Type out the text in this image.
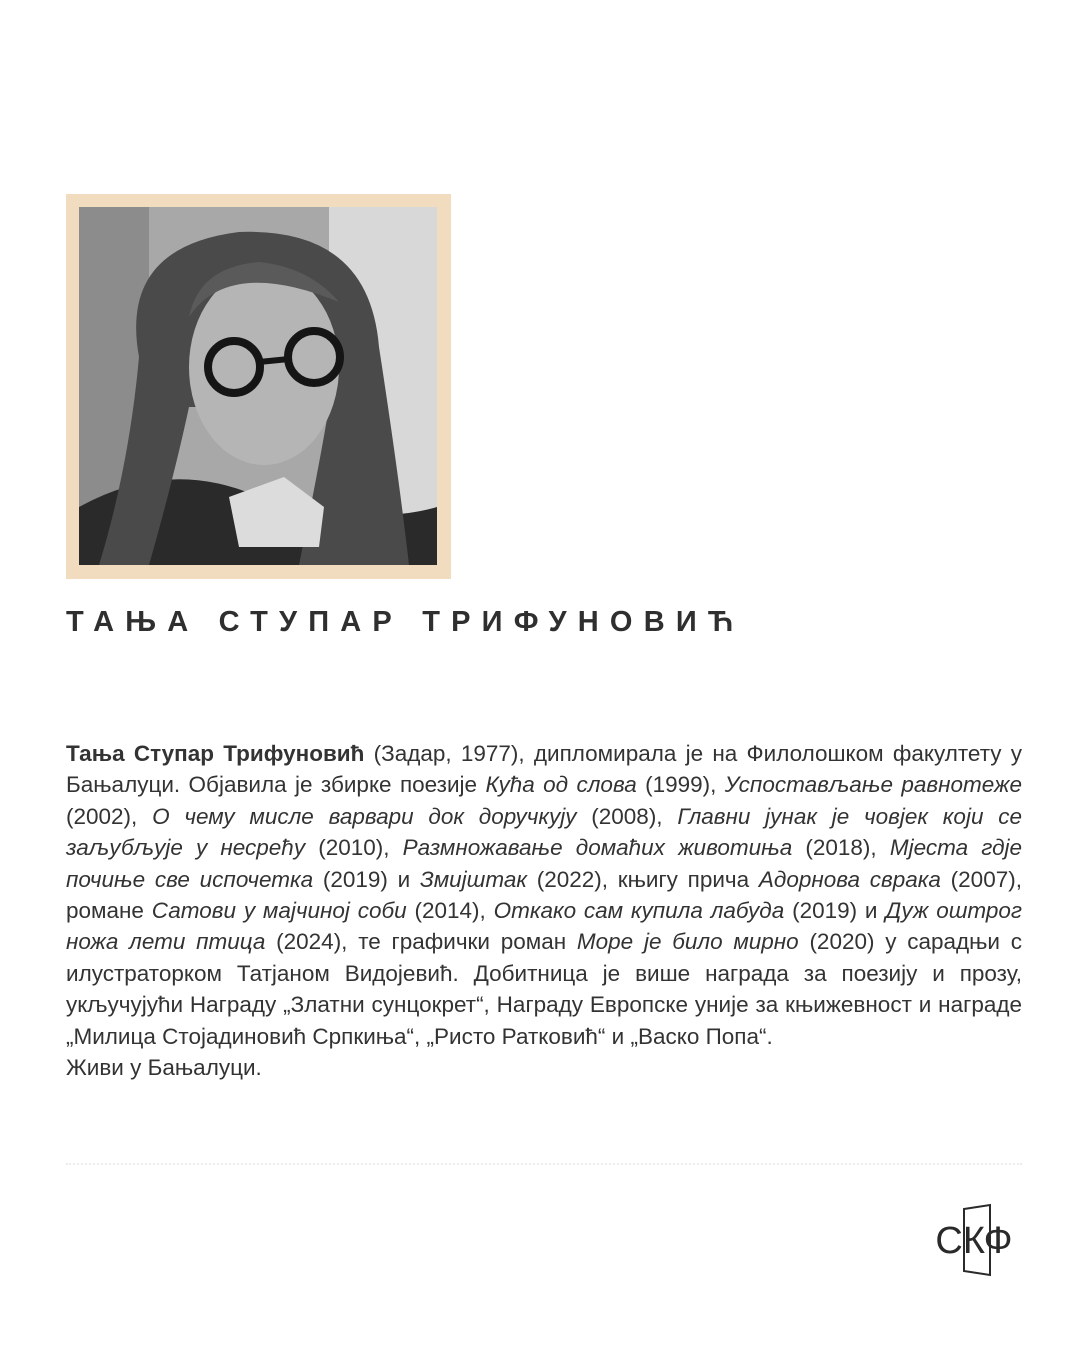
ТАЊА СТУПАР ТРИФУНОВИЋ

Тања Ступар Трифуновић (Задар, 1977), дипломирала је на Филолошком факултету у Бањалуци. Објавила је збирке поезије Кућа од слова (1999), Успостављање равнотеже (2002), О чему мисле варвари док доручкују (2008), Главни јунак је човјек који се заљубљује у несрећу (2010), Размножавање домаћих животиња (2018), Мјеста гдје почиње све испочетка (2019) и Змијштак (2022), књигу прича Адорнова сврака (2007), романе Сатови у мајчиној соби (2014), Откако сам купила лабуда (2019) и Дуж оштрог ножа лети птица (2024), те графички роман Море је било мирно (2020) у сарадњи с илустраторком Татјаном Видојевић. Добитница је више награда за поезију и прозу, укључујући Награду „Златни сунцокрет“, Награду Европске уније за књижевност и награде „Милица Стојадиновић Српкиња“, „Ристо Ратковић“ и „Васко Попа“.

Живи у Бањалуци.

СКФ
